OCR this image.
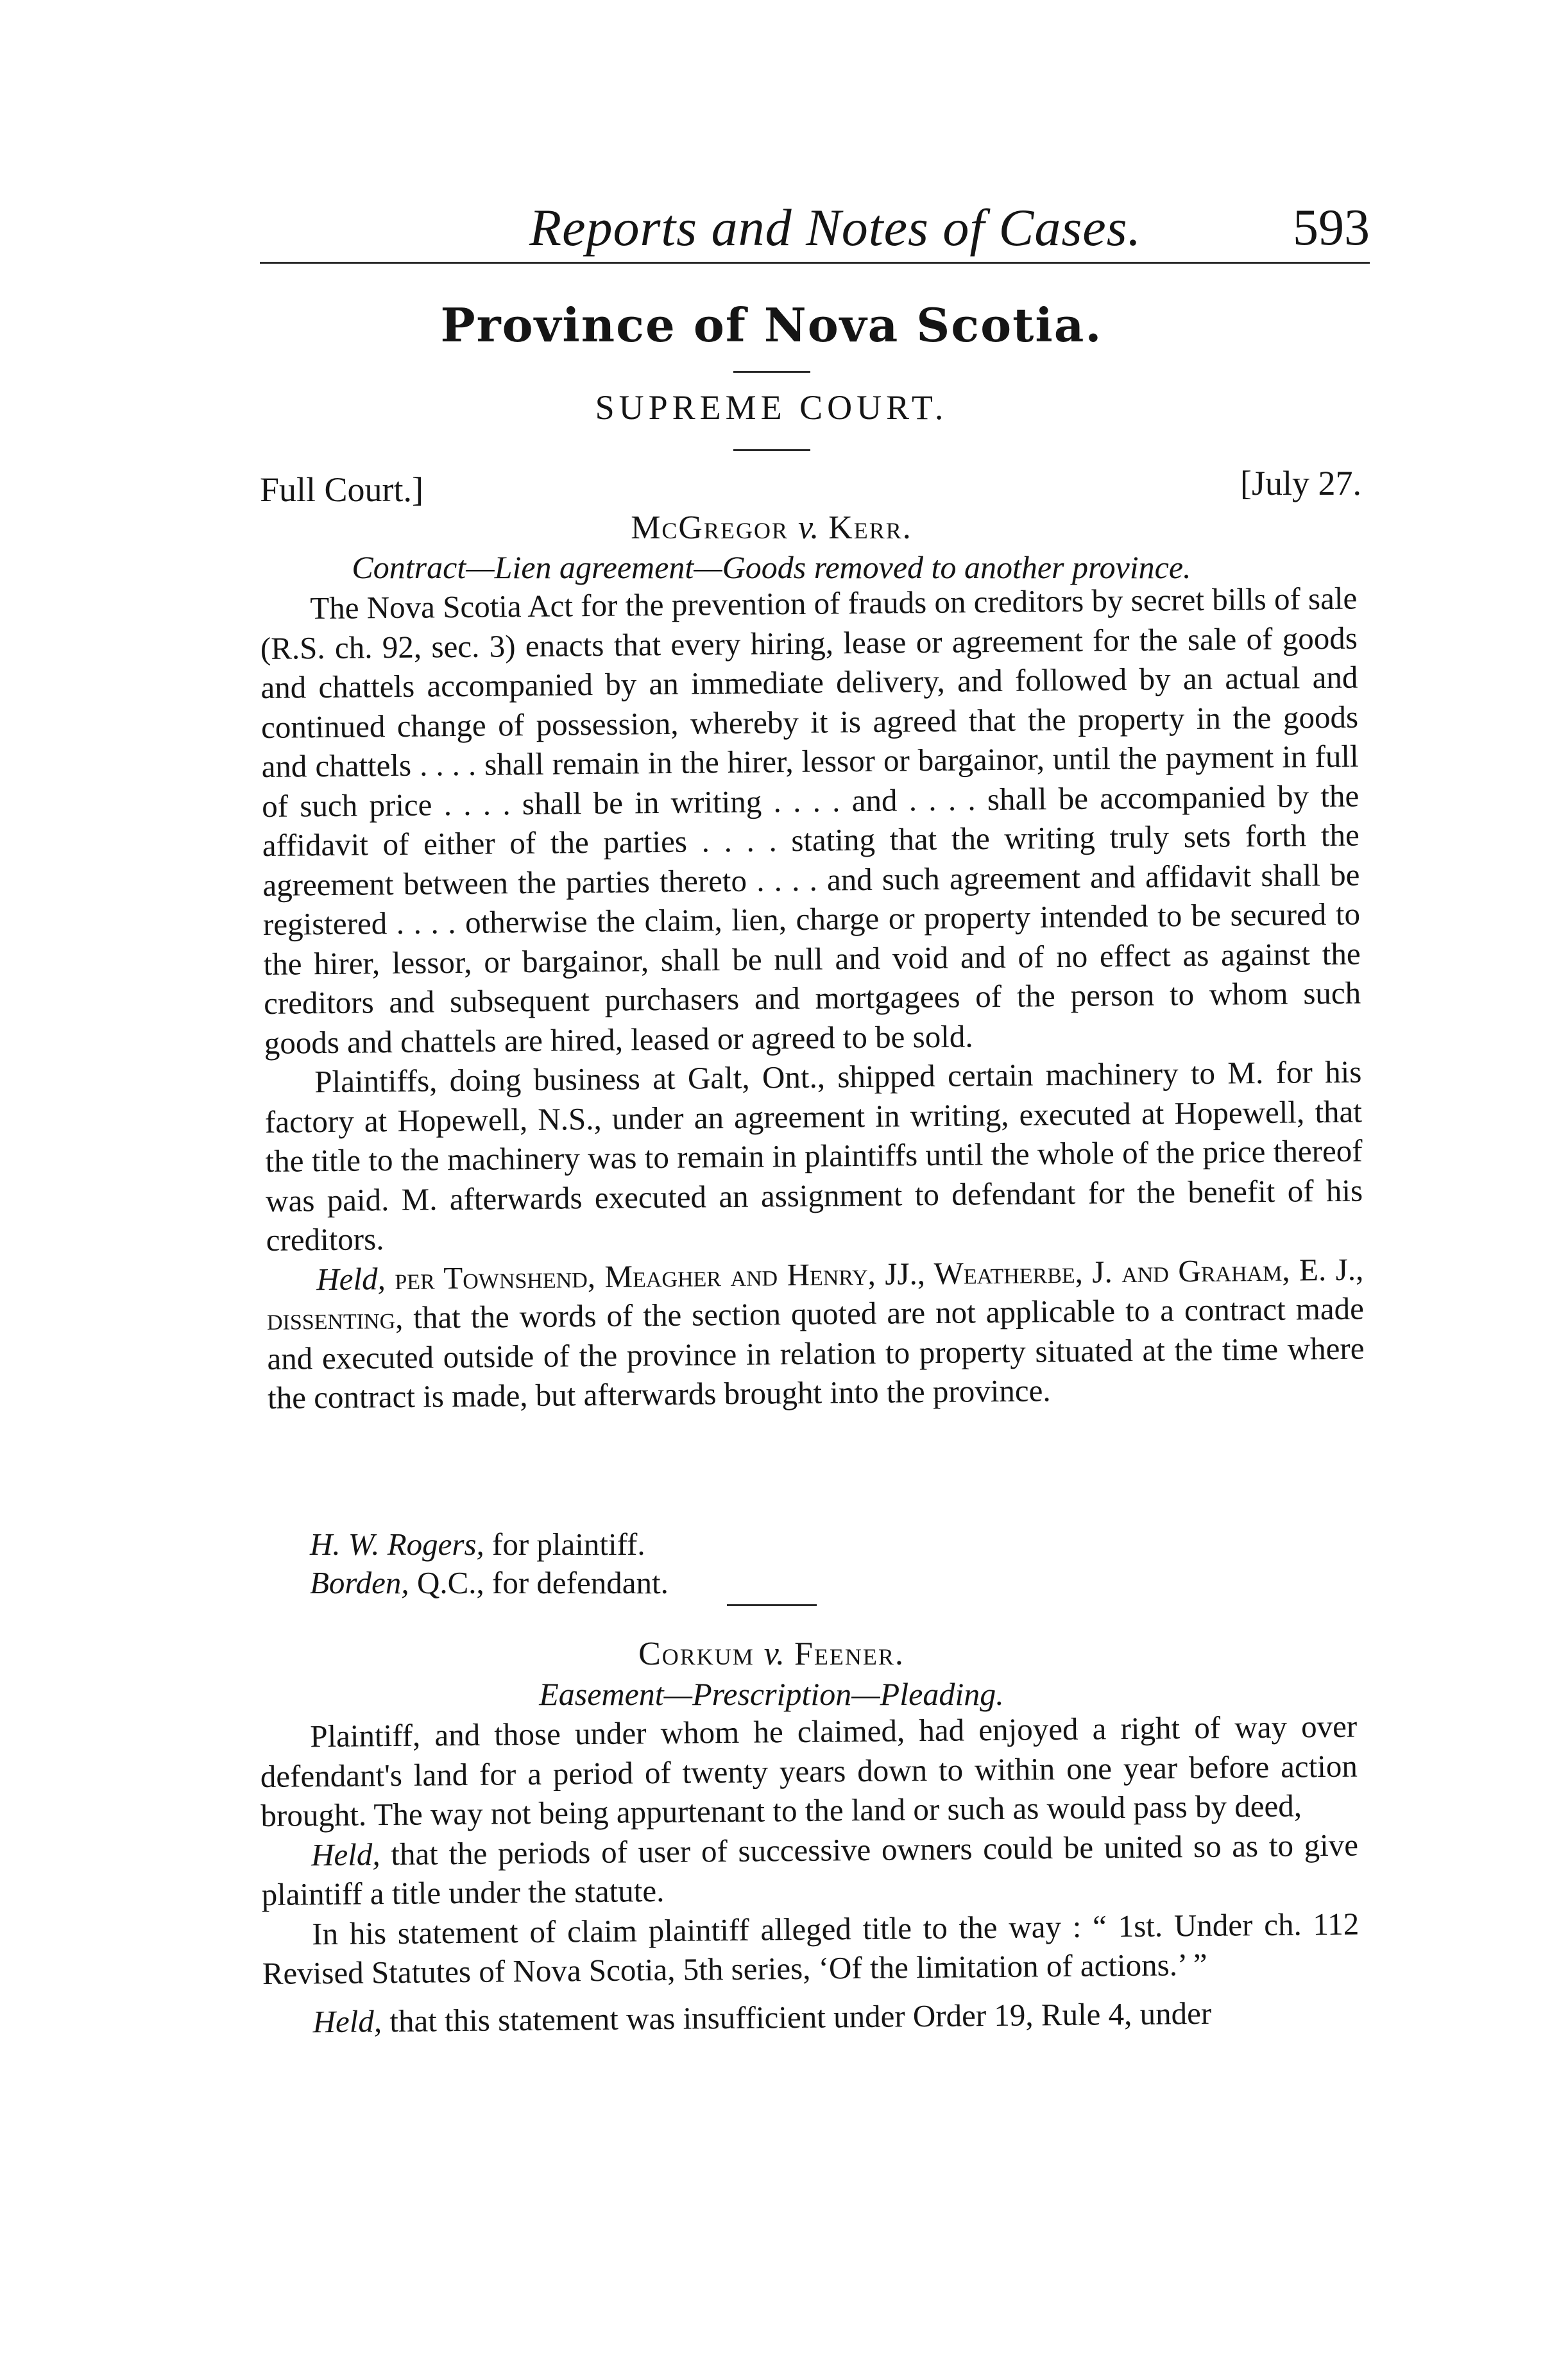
Reports and Notes of Cases.	593
Province of Nova Scotia.
SUPREME COURT.
Full Court.]	[July 27.
McGregor v. Kerr.
Contract—Lien agreement—Goods removed to another province.

The Nova Scotia Act for the prevention of frauds on creditors by secret bills of sale (R.S. ch. 92, sec. 3) enacts that every hiring, lease or agreement for the sale of goods and chattels accompanied by an immediate delivery, and followed by an actual and continued change of possession, whereby it is agreed that the property in the goods and chattels . . . . shall remain in the hirer, lessor or bargainor, until the payment in full of such price . . . . shall be in writing . . . . and . . . . shall be accompanied by the affidavit of either of the parties . . . . stating that the writing truly sets forth the agreement between the parties thereto . . . . and such agreement and affidavit shall be registered . . . . otherwise the claim, lien, charge or property intended to be secured to the hirer, lessor, or bargainor, shall be null and void and of no effect as against the creditors and subsequent purchasers and mortgagees of the person to whom such goods and chattels are hired, leased or agreed to be sold.

Plaintiffs, doing business at Galt, Ont., shipped certain machinery to M. for his factory at Hopewell, N.S., under an agreement in writing, executed at Hopewell, that the title to the machinery was to remain in plaintiffs until the whole of the price thereof was paid. M. afterwards executed an assignment to defendant for the benefit of his creditors.

Held, per Townshend, Meagher and Henry, JJ., Weatherbe, J. and Graham, E. J., dissenting, that the words of the section quoted are not applicable to a contract made and executed outside of the province in relation to property situated at the time where the contract is made, but afterwards brought into the province.

H. W. Rogers, for plaintiff.
Borden, Q.C., for defendant.
Corkum v. Feener.
Easement—Prescription—Pleading.

Plaintiff, and those under whom he claimed, had enjoyed a right of way over defendant's land for a period of twenty years down to within one year before action brought. The way not being appurtenant to the land or such as would pass by deed,

Held, that the periods of user of successive owners could be united so as to give plaintiff a title under the statute.

In his statement of claim plaintiff alleged title to the way : “ 1st. Under ch. 112 Revised Statutes of Nova Scotia, 5th series, ‘Of the limitation of actions.’ ”

Held, that this statement was insufficient under Order 19, Rule 4, under
